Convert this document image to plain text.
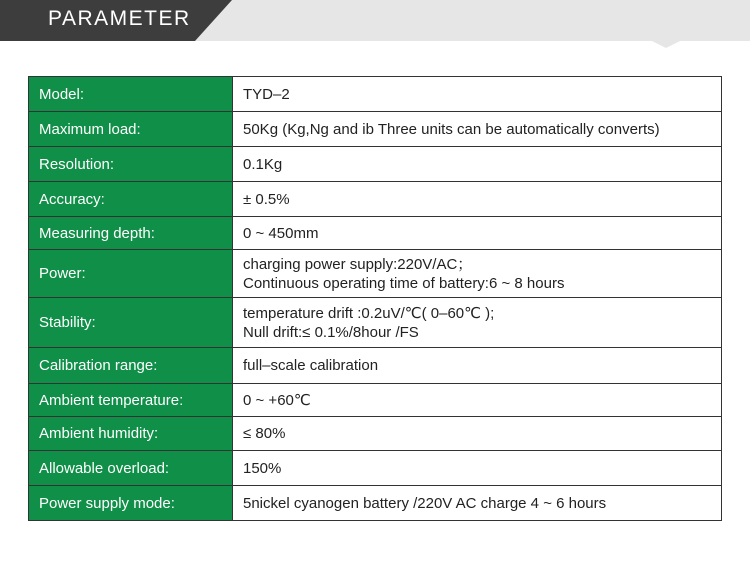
PARAMETER
Model:	TYD–2

Maximum load:	50Kg (Kg,Ng and ib Three units can be automatically converts)

Resolution:	0.1Kg

Accuracy:	± 0.5%

Measuring depth:	0 ~ 450mm

Power:	charging power supply:220V/AC；
Continuous operating time of battery:6 ~ 8 hours

Stability:	temperature drift :0.2uV/℃( 0–60℃ );
Null drift:≤ 0.1%/8hour /FS

Calibration range:	full–scale calibration

Ambient temperature:	0 ~ +60℃

Ambient humidity:	≤ 80%

Allowable overload:	150%

Power supply mode:	5nickel cyanogen battery /220V AC charge 4 ~ 6 hours
